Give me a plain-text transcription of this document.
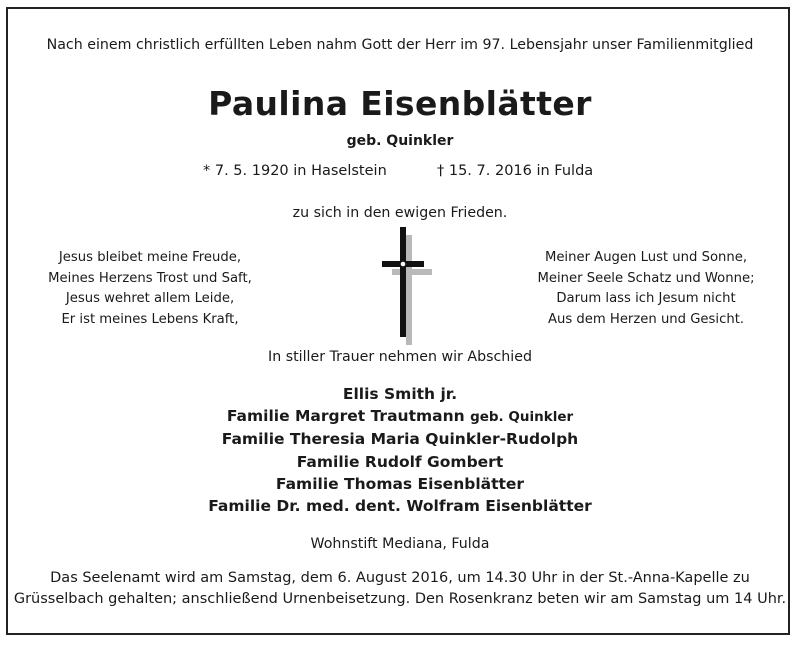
Nach einem christlich erfüllten Leben nahm Gott der Herr im 97. Lebensjahr unser Familienmitglied
Paulina Eisenblätter
geb. Quinkler
* 7. 5. 1920 in Haselstein	† 15. 7. 2016 in Fulda
zu sich in den ewigen Frieden.
Jesus bleibet meine Freude,
Meines Herzens Trost und Saft,
Jesus wehret allem Leide,
Er ist meines Lebens Kraft,
Meiner Augen Lust und Sonne,
Meiner Seele Schatz und Wonne;
Darum lass ich Jesum nicht
Aus dem Herzen und Gesicht.
In stiller Trauer nehmen wir Abschied
Ellis Smith jr.
Familie Margret Trautmann geb. Quinkler
Familie Theresia Maria Quinkler-Rudolph
Familie Rudolf Gombert
Familie Thomas Eisenblätter
Familie Dr. med. dent. Wolfram Eisenblätter
Wohnstift Mediana, Fulda
Das Seelenamt wird am Samstag, dem 6. August 2016, um 14.30 Uhr in der St.-Anna-Kapelle zu
Grüsselbach gehalten; anschließend Urnenbeisetzung. Den Rosenkranz beten wir am Samstag um 14 Uhr.
